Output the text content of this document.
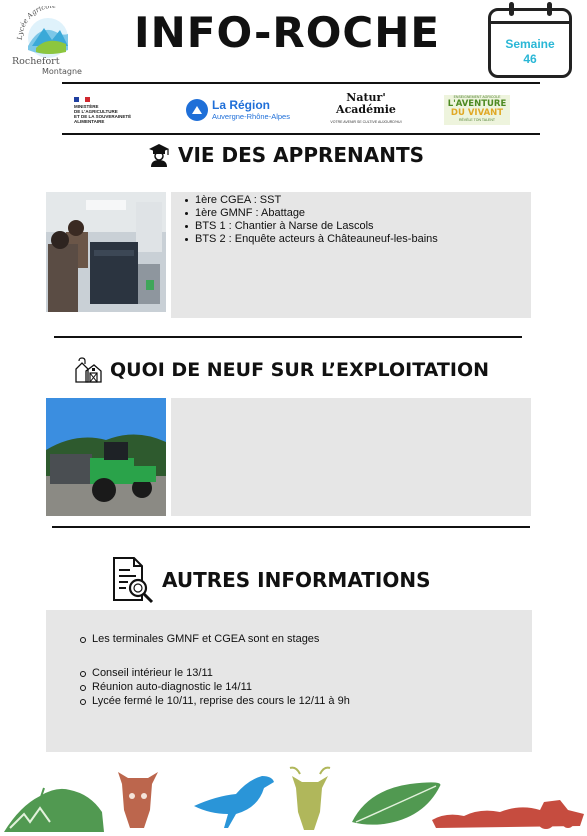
Lycée Agrico
Rochefort
Montagne
INFO-ROCHE	Semaine
46
MINISTÈRE
DE L'AGRICULTURE
ET DE LA SOUVERAINETÉ
ALIMENTAIRE
La Région
Auvergne-Rhône-Alpes
Natur'
Académie
VOTRE AVENIR SE CULTIVE AUJOURD'HUI
ENSEIGNEMENT AGRICOLE
L'AVENTURE
DU VIVANT
RÉVÈLE TON TALENT
VIE DES APPRENANTS
1ère CGEA : SST
1ère GMNF : Abattage
BTS 1 : Chantier à Narse de Lascols
BTS 2 : Enquête acteurs à Châteauneuf-les-bains
QUOI DE NEUF SUR L’EXPLOITATION
AUTRES INFORMATIONS
Les terminales GMNF et CGEA sont en stages
Conseil intérieur le 13/11
Réunion auto-diagnostic le 14/11
Lycée fermé le 10/11, reprise des cours le 12/11 à 9h
